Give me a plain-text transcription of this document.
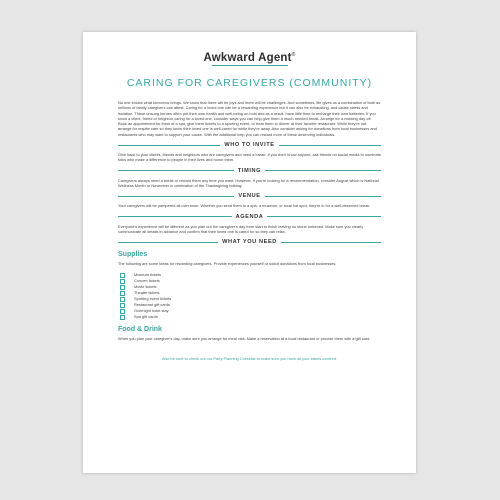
Awkward Agent®
CARING FOR CAREGIVERS (COMMUNITY)

No one knows what tomorrow brings. We know that there will be joys and there will be challenges. And sometimes, life gives us a combination of both as millions of family caregivers can attest. Caring for a loved one can be a rewarding experience but it can also be exhausting, and cause stress and isolation. These unsung heroes often put their own health and well-being on hold and as a result, have little time to recharge their own batteries. If you know a client, friend or neighbor caring for a loved one, consider ways you can help give them a much-needed break. Arrange for a relaxing day off. Book an appointment for them at a spa, give them tickets to a sporting event, or treat them to dinner at their favorite restaurant. While they're out, arrange for respite care so they know their loved one is well-cared for while they're away. Also consider asking for donations from local businesses and restaurants who may want to support your cause. With the additional help you can reward more of these deserving individuals.

WHO TO INVITE

Give back to your clients, friends and neighbors who are caregivers and need a break. If you don't know anyone, ask friends on social media to nominate folks who make a difference to people in their lives and honor them.

TIMING

Caregivers always need a break or reward them any time you want. However, if you're looking for a recommendation, consider August which is National Wellness Month or November in celebration of the Thanksgiving holiday.

VENUE

Your caregivers will be pampered all over town. Whether you send them to a spa, a museum, or local hot spot, they're in for a well-deserved break.

AGENDA

Everyone's experience will be different as you plan out the caregiver's day from start to finish leaving no stone unturned. Make sure you clearly communicate all details in advance and confirm that their loved one is cared for so they can relax.

WHAT YOU NEED
Supplies

The following are some ideas for rewarding caregivers. Provide experiences yourself or solicit donations from local businesses.

Museum tickets
Concert tickets
Movie tickets
Theater tickets
Sporting event tickets
Restaurant gift cards
Overnight hotel stay
Spa gift cards
Food & Drink

When you plan your caregiver's day, make sure you arrange for meal visit. Make a reservation at a local restaurant or provide them with a gift card.

Also be sure to check out our Party Planning Checklist to make sure you have all your bases covered.
